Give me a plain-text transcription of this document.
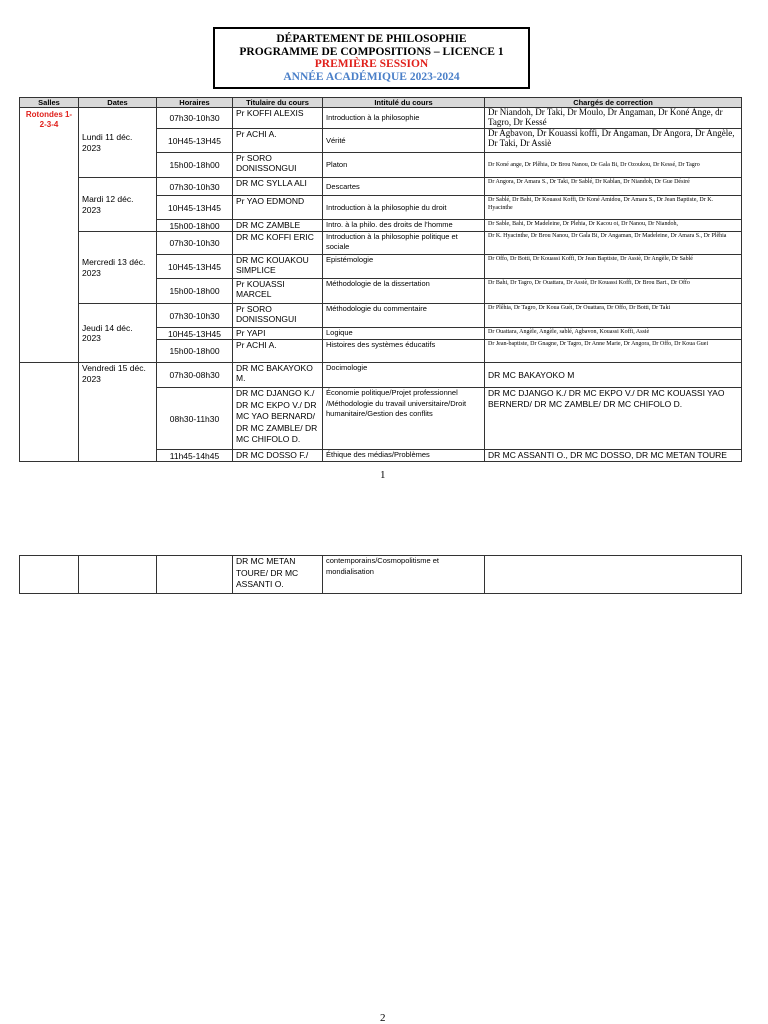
DÉPARTEMENT DE PHILOSOPHIE
PROGRAMME DE COMPOSITIONS – LICENCE 1
PREMIÈRE SESSION
ANNÉE ACADÉMIQUE 2023-2024
Salles	Dates	Horaires	Titulaire du cours	Intitulé du cours	Chargés de correction
Rotondes 1-2-3-4	Lundi 11 déc. 2023	07h30-10h30	Pr KOFFI ALEXIS	Introduction à la philosophie	Dr Niandoh, Dr Taki, Dr Moulo, Dr Angaman, Dr Koné Ange, dr Tagro, Dr Kessé
		10H45-13H45	Pr ACHI A.	Vérité	Dr Agbavon, Dr Kouassi koffi, Dr Angaman, Dr Angora, Dr Angèle, Dr Taki, Dr Assiè
		15h00-18h00	Pr SORO DONISSONGUI	Platon	Dr Koné ange, Dr Plêhia, Dr Brou Nanou, Dr Gala Bi, Dr Ozoukou, Dr Kessé, Dr Tagro
	Mardi 12 déc. 2023	07h30-10h30	DR MC SYLLA ALI	Descartes	Dr Angora, Dr Amara S., Dr Taki, Dr Sablé, Dr Kablan, Dr Niandoh, Dr Gue Désiré
		10H45-13H45	Pr YAO EDMOND	Introduction à la philosophie du droit	Dr Sablé, Dr Bahi, Dr Kouassi Koffi, Dr Koné Amidou, Dr Amara S., Dr Jean Baptiste, Dr K. Hyacinthe
		15h00-18h00	DR MC ZAMBLE	Intro. à la philo. des droits de l’homme	Dr Sable, Bahi, Dr Madeleine, Dr Plehia, Dr Kacou oi, Dr Nanou, Dr Niandoh,
	Mercredi 13 déc. 2023	07h30-10h30	DR MC KOFFI ERIC	Introduction à la philosophie politique et sociale	Dr K. Hyacinthe, Dr Brou Nanou, Dr Gala Bi, Dr Angaman, Dr Madeleine, Dr Amara S., Dr Plêhia
		10H45-13H45	DR MC KOUAKOU SIMPLICE	Epistémologie	Dr Offo, Dr Botti, Dr Kouassi Koffi, Dr Jean Baptiste, Dr Assiè, Dr Angèle, Dr Sablé
		15h00-18h00	Pr KOUASSI MARCEL	Méthodologie de la dissertation	Dr Bahi, Dr Tagro, Dr Ouattara, Dr Assiè, Dr Kouassi Koffi, Dr Brou Bart., Dr Offo
	Jeudi 14 déc. 2023	07h30-10h30	Pr SORO DONISSONGUI	Méthodologie du commentaire	Dr Plêhia, Dr Tagro, Dr Koua Guéi, Dr Ouattara, Dr Offo, Dr Botti, Dr Taki
		10H45-13H45	Pr YAPI	Logique	Dr Ouattara, Angèle, Angèle, sablé, Agbavon, Kouassi Koffi, Assiè
		15h00-18h00	Pr ACHI A.	Histoires des systèmes éducatifs	Dr Jean-baptiste, Dr Gnagne, Dr Tagro, Dr Anne Marie, Dr Angora, Dr Offo, Dr Koua Guei
	Vendredi 15 déc. 2023	07h30-08h30	DR MC BAKAYOKO M.	Docimologie	DR MC BAKAYOKO M
		08h30-11h30	DR MC DJANGO K./ DR MC EKPO V./ DR MC YAO BERNARD/ DR MC ZAMBLE/ DR MC CHIFOLO D.	Économie politique/Projet professionnel /Méthodologie du travail universitaire/Droit humanitaire/Gestion des conflits	DR MC DJANGO K./ DR MC EKPO V./ DR MC KOUASSI YAO BERNERD/ DR MC ZAMBLE/ DR MC CHIFOLO D.
		11h45-14h45	DR MC DOSSO F./	Éthique des médias/Problèmes	DR MC ASSANTI O., DR MC DOSSO, DR MC METAN TOURE
1
			DR MC METAN TOURE/ DR MC ASSANTI O.	contemporains/Cosmopolitisme et mondialisation	
2
